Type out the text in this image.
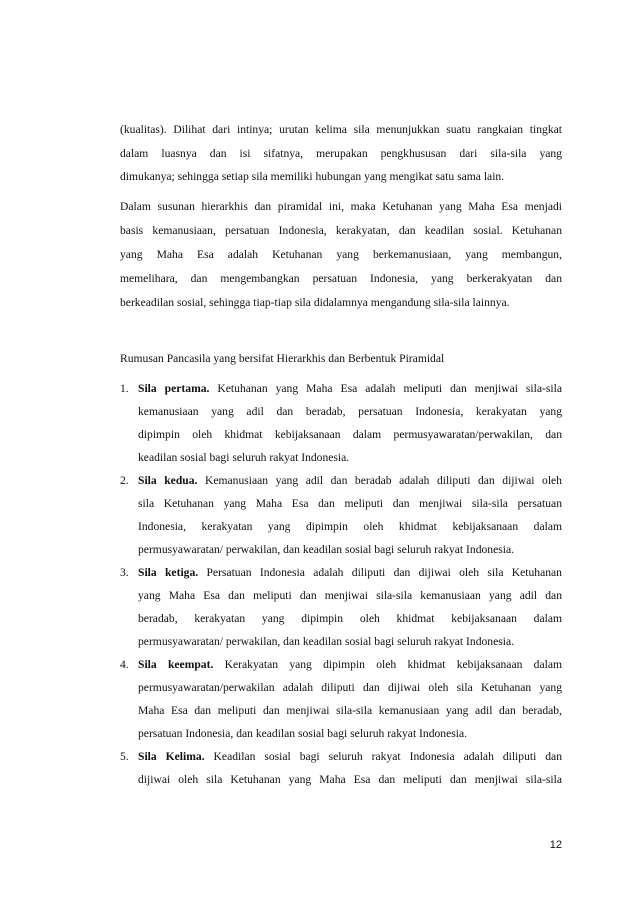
(kualitas). Dilihat dari intinya; urutan kelima sila menunjukkan suatu rangkaian tingkat
dalam luasnya dan isi sifatnya, merupakan pengkhususan dari sila-sila yang
dimukanya; sehingga setiap sila memiliki hubungan yang mengikat satu sama lain.
Dalam susunan hierarkhis dan piramidal ini, maka Ketuhanan yang Maha Esa menjadi
basis kemanusiaan, persatuan Indonesia, kerakyatan, dan keadilan sosial. Ketuhanan
yang Maha Esa adalah Ketuhanan yang berkemanusiaan, yang membangun,
memelihara, dan mengembangkan persatuan Indonesia, yang berkerakyatan dan
berkeadilan sosial, sehingga tiap-tiap sila didalamnya mengandung sila-sila lainnya.
Rumusan Pancasila yang bersifat Hierarkhis dan Berbentuk Piramidal
1. Sila pertama. Ketuhanan yang Maha Esa adalah meliputi dan menjiwai sila-sila
kemanusiaan yang adil dan beradab, persatuan Indonesia, kerakyatan yang
dipimpin oleh khidmat kebijaksanaan dalam permusyawaratan/perwakilan, dan
keadilan sosial bagi seluruh rakyat Indonesia.
2. Sila kedua. Kemanusiaan yang adil dan beradab adalah diliputi dan dijiwai oleh
sila Ketuhanan yang Maha Esa dan meliputi dan menjiwai sila-sila persatuan
Indonesia, kerakyatan yang dipimpin oleh khidmat kebijaksanaan dalam
permusyawaratan/ perwakilan, dan keadilan sosial bagi seluruh rakyat Indonesia.
3. Sila ketiga. Persatuan Indonesia adalah diliputi dan dijiwai oleh sila Ketuhanan
yang Maha Esa dan meliputi dan menjiwai sila-sila kemanusiaan yang adil dan
beradab, kerakyatan yang dipimpin oleh khidmat kebijaksanaan dalam
permusyawaratan/ perwakilan, dan keadilan sosial bagi seluruh rakyat Indonesia.
4. Sila keempat. Kerakyatan yang dipimpin oleh khidmat kebijaksanaan dalam
permusyawaratan/perwakilan adalah diliputi dan dijiwai oleh sila Ketuhanan yang
Maha Esa dan meliputi dan menjiwai sila-sila kemanusiaan yang adil dan beradab,
persatuan Indonesia, dan keadilan sosial bagi seluruh rakyat Indonesia.
5. Sila Kelima. Keadilan sosial bagi seluruh rakyat Indonesia adalah diliputi dan
dijiwai oleh sila Ketuhanan yang Maha Esa dan meliputi dan menjiwai sila-sila
12
